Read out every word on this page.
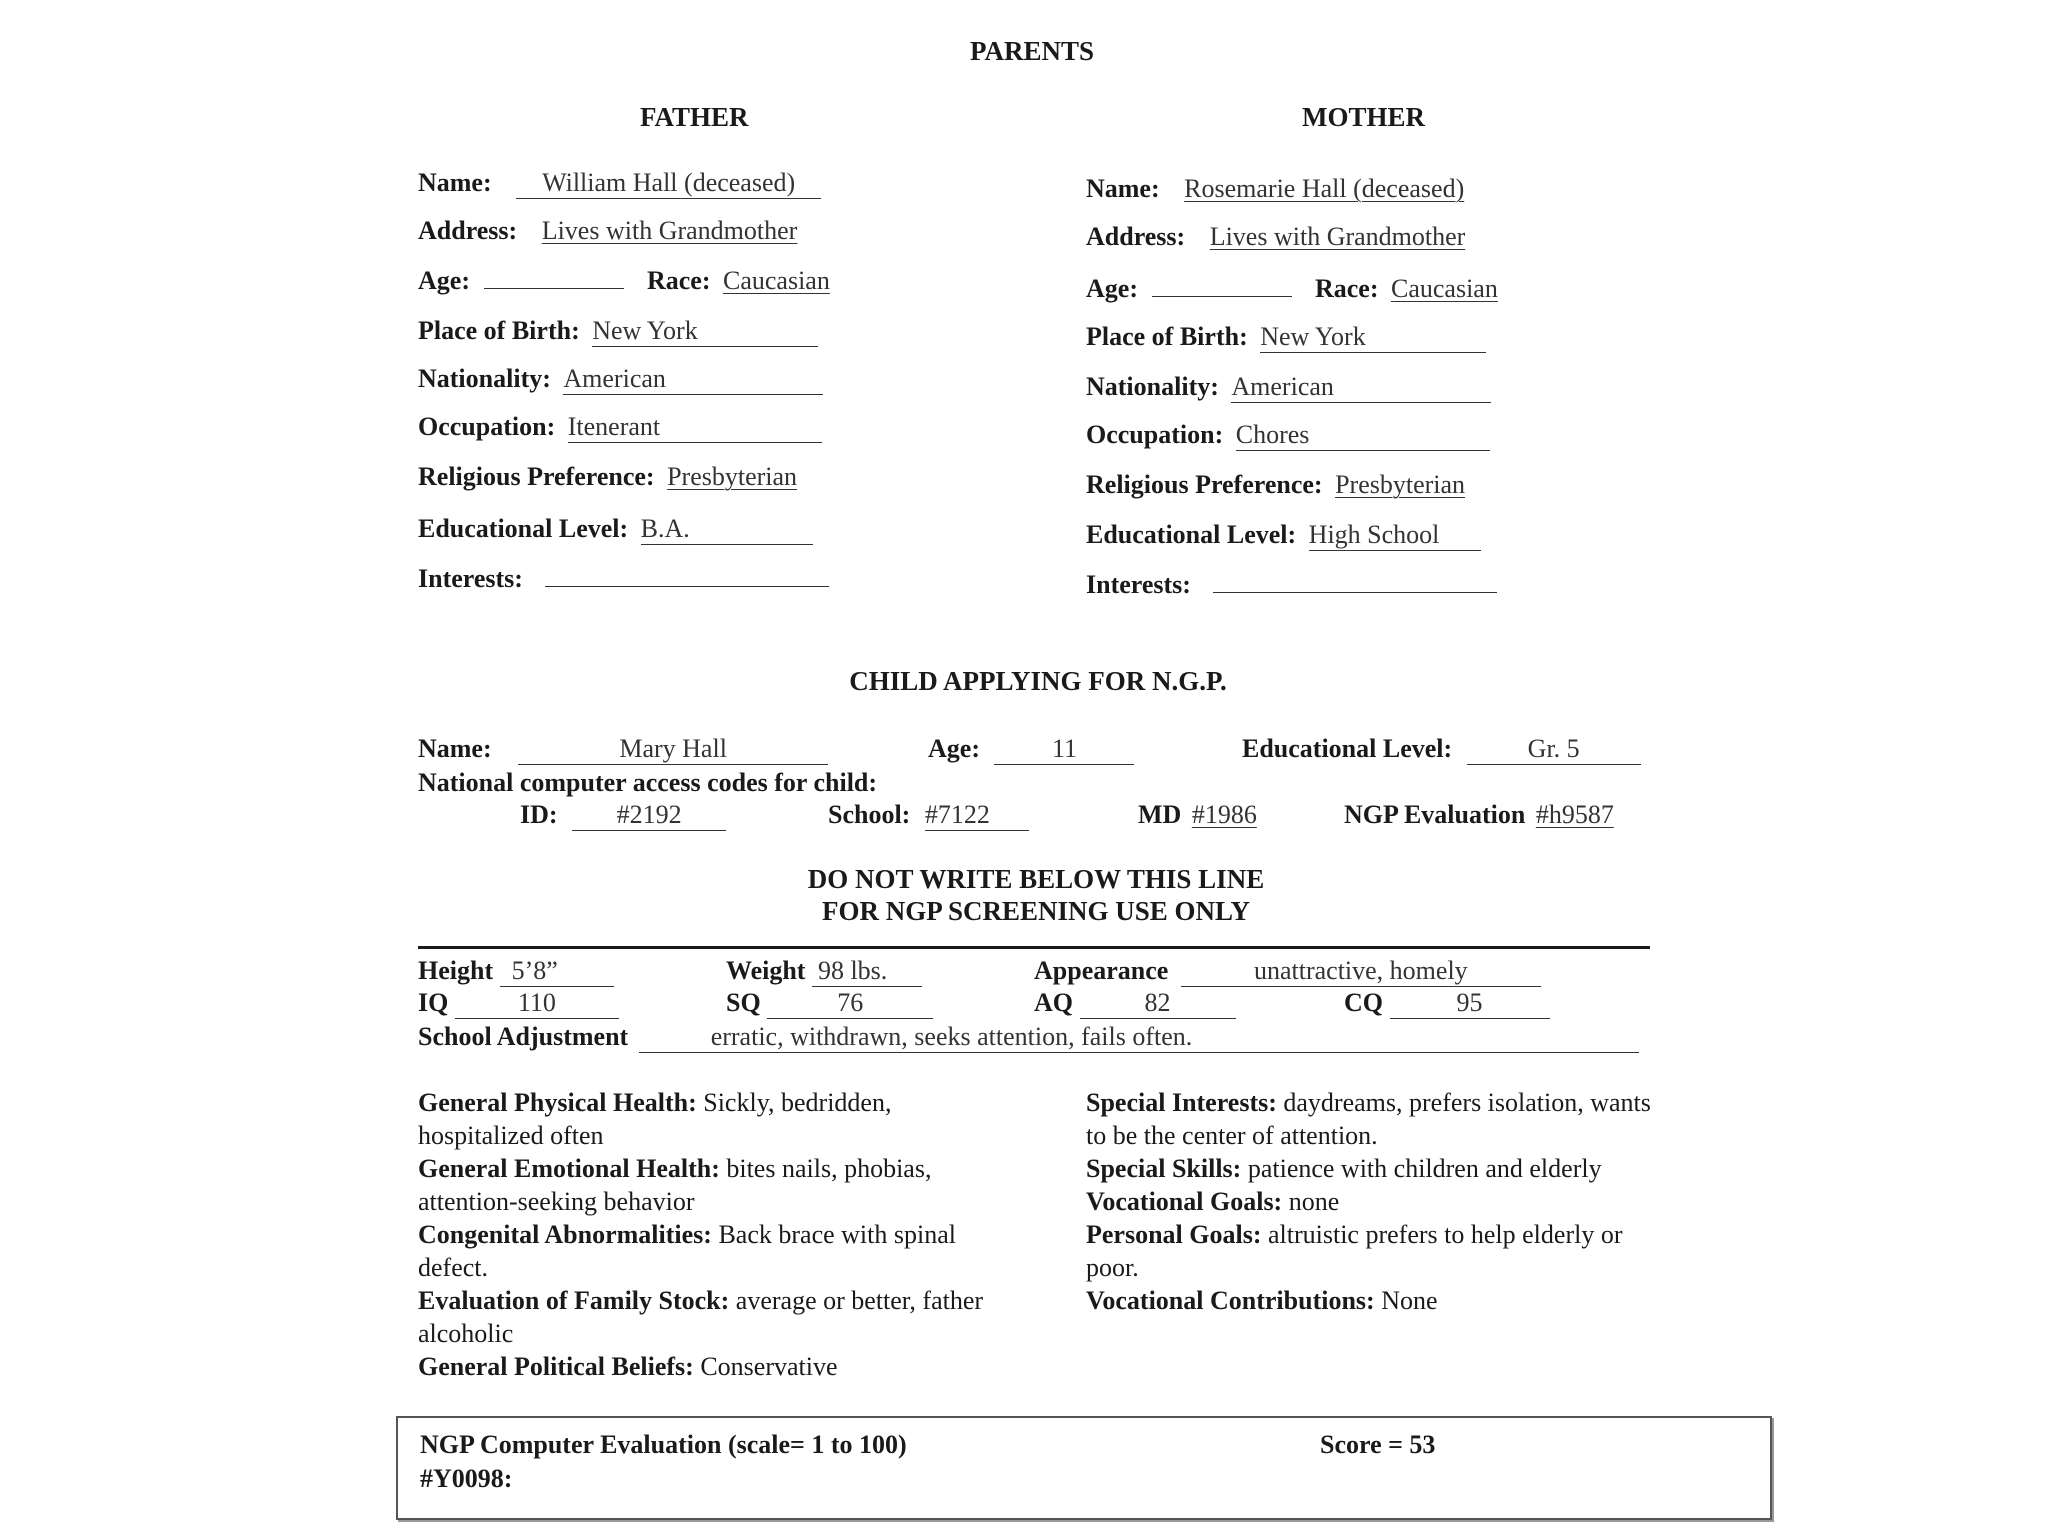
PARENTS
FATHER	MOTHER
Name: William Hall (deceased)
Address: Lives with Grandmother
Age:	Race: Caucasian
Place of Birth: New York
Nationality: American
Occupation: Itenerant
Religious Preference: Presbyterian
Educational Level: B.A.
Interests:
Name: Rosemarie Hall (deceased)
Address: Lives with Grandmother
Age:	Race: Caucasian
Place of Birth: New York
Nationality: American
Occupation: Chores
Religious Preference: Presbyterian
Educational Level: High School
Interests:
CHILD APPLYING FOR N.G.P.
Name:	Mary Hall	Age:	11	Educational Level:	Gr. 5
National computer access codes for child:
ID: #2192	School: #7122	MD #1986	NGP Evaluation #h9587
DO NOT WRITE BELOW THIS LINE
FOR NGP SCREENING USE ONLY
Height 5’8”	Weight 98 lbs.	Appearance	unattractive, homely
IQ	110	SQ	76	AQ	82	CQ	95
School Adjustment	erratic, withdrawn, seeks attention, fails often.

General Physical Health: Sickly, bedridden, hospitalized often

General Emotional Health: bites nails, phobias, attention-seeking behavior

Congenital Abnormalities: Back brace with spinal defect.

Evaluation of Family Stock: average or better, father alcoholic

General Political Beliefs: Conservative

Special Interests: daydreams, prefers isolation, wants to be the center of attention.

Special Skills: patience with children and elderly

Vocational Goals: none

Personal Goals: altruistic prefers to help elderly or poor.

Vocational Contributions: None

NGP Computer Evaluation (scale= 1 to 100)
#Y0098:
Score = 53
